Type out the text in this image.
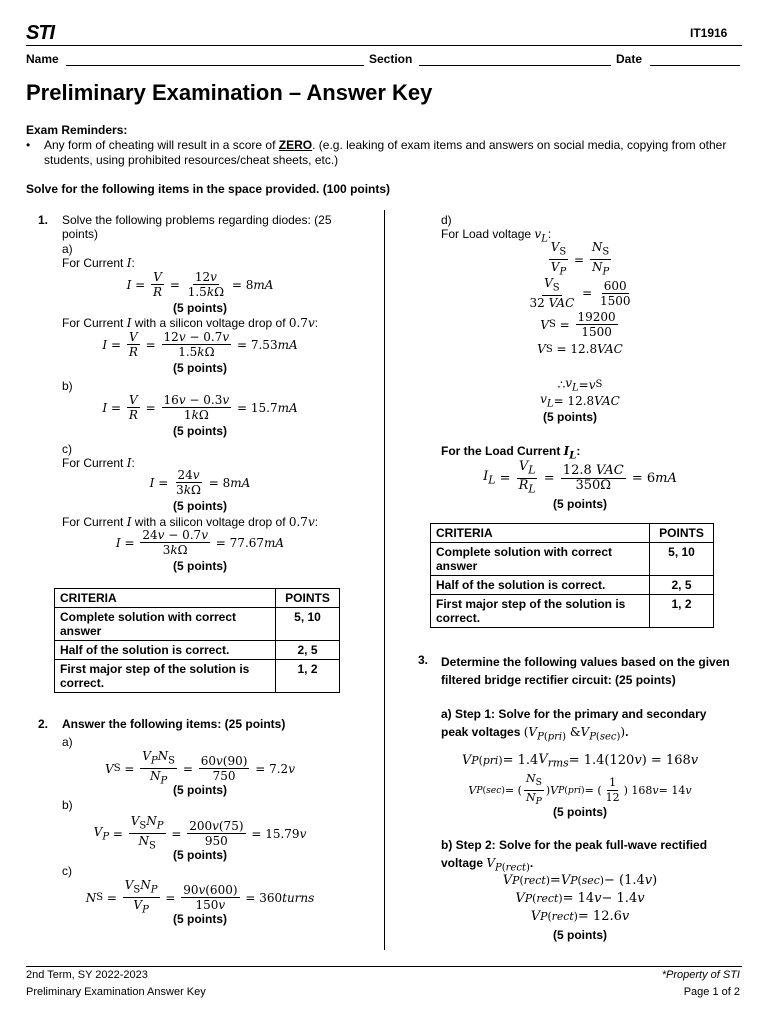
STI	IT1916
Name	Section	Date
Preliminary Examination – Answer Key
Exam Reminders:
• Any form of cheating will result in a score of ZERO. (e.g. leaking of exam items and answers on social media, copying from other students, using prohibited resources/cheat sheets, etc.)
Solve for the following items in the space provided. (100 points)
1. Solve the following problems regarding diodes: (25 points)
a)
For Current I:
$I = \frac{V}{R} = \frac{12v}{1.5k\Omega} = 8$ mA
(5 points)
For Current I with a silicon voltage drop of 0.7v:
$I = \frac{V}{R} = \frac{12v - 0.7v}{1.5k\Omega} = 7.53$ mA
(5 points)
b)
$I = \frac{V}{R} = \frac{16v - 0.3v}{1k\Omega} = 15.7$ mA
(5 points)
c)
For Current I:
$I = \frac{24v}{3k\Omega} = 8$ mA
(5 points)
For Current I with a silicon voltage drop of 0.7v:
$I = \frac{24v - 0.7v}{3k\Omega} = 77.67$ mA
(5 points)
CRITERIA	POINTS
Complete solution with correct answer	5, 10
Half of the solution is correct.	2, 5
First major step of the solution is correct.	1, 2
2. Answer the following items: (25 points)
a)
V $S = \frac{V_PN_S}{N_P} = \frac{60v(90)}{750} = 7.2$ v
(5 points)
b)
$V_P = \frac{V_SN_P}{N_S} = \frac{200v(75)}{950} = 15.79$ v
(5 points)
c)
N $S = \frac{V_SN_P}{V_P} = \frac{90v(600)}{150v} = 360$ turns
(5 points)
d)
For Load voltage $v_L$:
$\frac{V_S}{V_P} = \frac{N_S}{N_P}$
$\frac{V_S}{\text{32 VAC}} = \frac{600}{1500}$
V $S = \frac{19200}{1500}$
V S = 12.8 VAC
∴ $v_L = v$ S
$v_L = 12.8$ VAC
(5 points)
For the Load Current $I_L$:
$I_L = \frac{V_L}{R_L} = \frac{\text{12.8 VAC}}{350\Omega} = 6$ mA
(5 points)
CRITERIA	POINTS
Complete solution with correct answer	5, 10
Half of the solution is correct.	2, 5
First major step of the solution is correct.	1, 2
3. Determine the following values based on the given filtered bridge rectifier circuit: (25 points)
a) Step 1: Solve for the primary and secondary peak voltages ($V_{P(pri)}$ $\&V_{P(sec)}$).
V P(pri) = 1.4 $V_{rms} = 1.4(120$ v ) = 168 v
V P(sec) = ( $\frac{N_S}{N_P}$ ) V P(pri) = ( $\frac{1}{12}$ ) 168 v = 14 v
(5 points)
b) Step 2: Solve for the peak full-wave rectified voltage $V_{P(rect)}$.
V P(rect) = V P(sec) − (1.4 v )
V P(rect) = 14 v − 1.4 v
V P(rect) = 12.6 v
(5 points)
2nd Term, SY 2022-2023
Preliminary Examination Answer Key
*Property of STI
Page 1 of 2
